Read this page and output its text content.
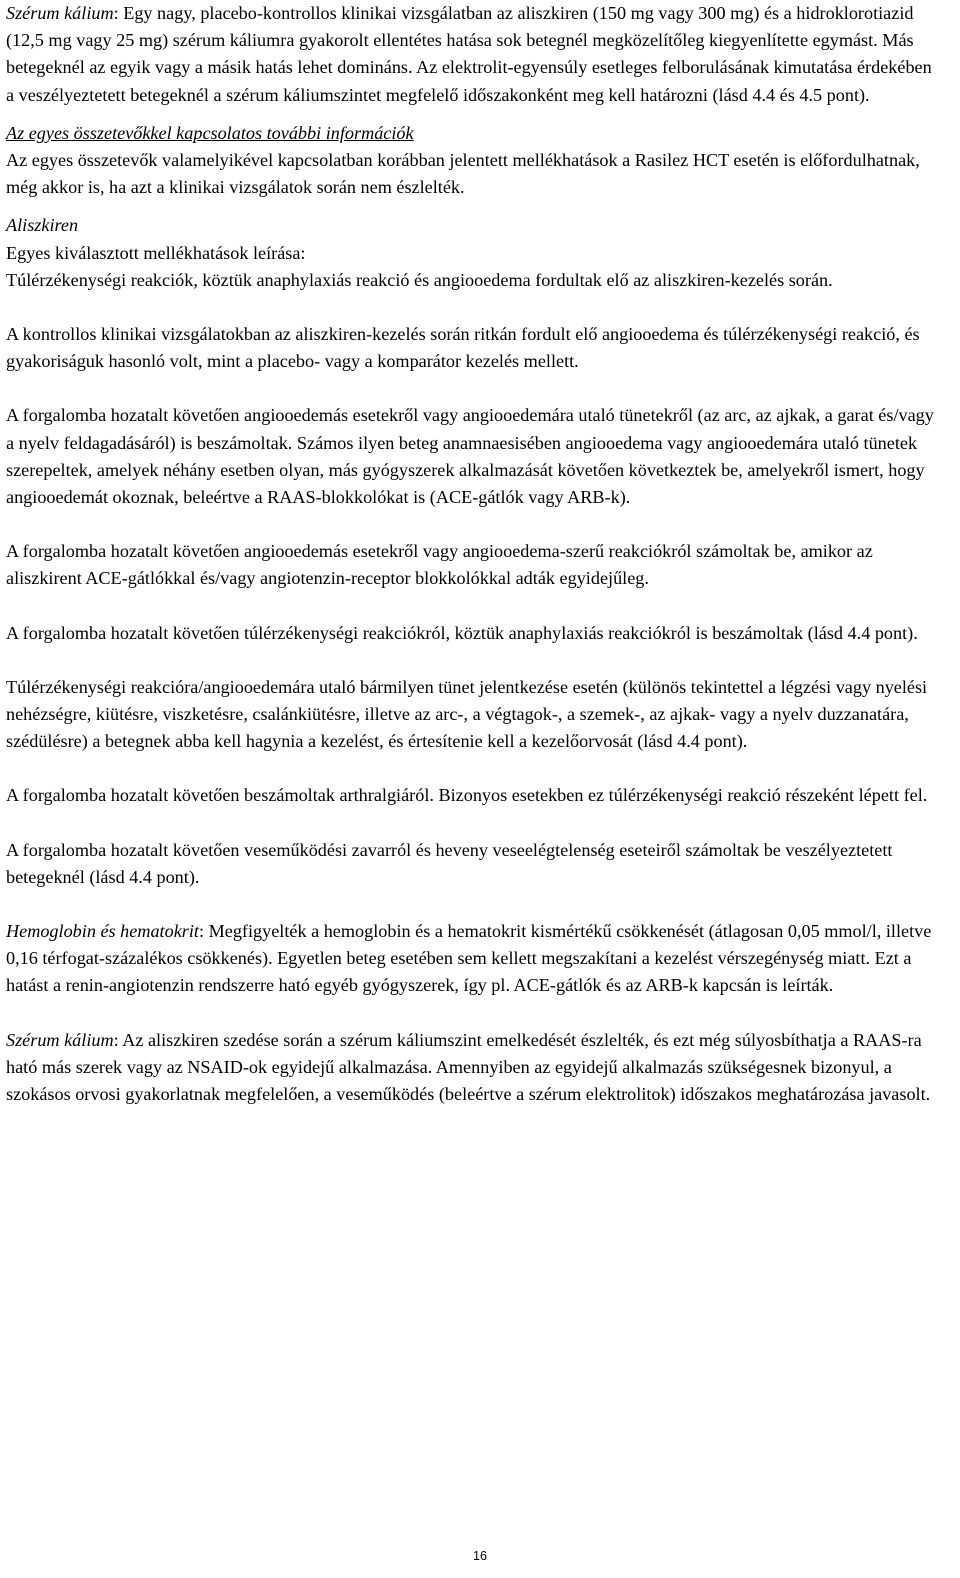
Szérum kálium: Egy nagy, placebo-kontrollos klinikai vizsgálatban az aliszkiren (150 mg vagy 300 mg) és a hidroklorotiazid (12,5 mg vagy 25 mg) szérum káliumra gyakorolt ellentétes hatása sok betegnél megközelítőleg kiegyenlítette egymást. Más betegeknél az egyik vagy a másik hatás lehet domináns. Az elektrolit-egyensúly esetleges felborulásának kimutatása érdekében a veszélyeztetett betegeknél a szérum káliumszintet megfelelő időszakonként meg kell határozni (lásd 4.4 és 4.5 pont).

Az egyes összetevőkkel kapcsolatos további információk

Az egyes összetevők valamelyikével kapcsolatban korábban jelentett mellékhatások a Rasilez HCT esetén is előfordulhatnak, még akkor is, ha azt a klinikai vizsgálatok során nem észlelték.

Aliszkiren

Egyes kiválasztott mellékhatások leírása:

Túlérzékenységi reakciók, köztük anaphylaxiás reakció és angiooedema fordultak elő az aliszkiren-kezelés során.

A kontrollos klinikai vizsgálatokban az aliszkiren-kezelés során ritkán fordult elő angiooedema és túlérzékenységi reakció, és gyakoriságuk hasonló volt, mint a placebo- vagy a komparátor kezelés mellett.

A forgalomba hozatalt követően angiooedemás esetekről vagy angiooedemára utaló tünetekről (az arc, az ajkak, a garat és/vagy a nyelv feldagadásáról) is beszámoltak. Számos ilyen beteg anamnaesisében angiooedema vagy angiooedemára utaló tünetek szerepeltek, amelyek néhány esetben olyan, más gyógyszerek alkalmazását követően következtek be, amelyekről ismert, hogy angiooedemát okoznak, beleértve a RAAS-blokkolókat is (ACE-gátlók vagy ARB-k).

A forgalomba hozatalt követően angiooedemás esetekről vagy angiooedema-szerű reakciókról számoltak be, amikor az aliszkirent ACE-gátlókkal és/vagy angiotenzin-receptor blokkolókkal adták egyidejűleg.

A forgalomba hozatalt követően túlérzékenységi reakciókról, köztük anaphylaxiás reakciókról is beszámoltak (lásd 4.4 pont).

Túlérzékenységi reakcióra/angiooedemára utaló bármilyen tünet jelentkezése esetén (különös tekintettel a légzési vagy nyelési nehézségre, kiütésre, viszketésre, csalánkiütésre, illetve az arc-, a végtagok-, a szemek-, az ajkak- vagy a nyelv duzzanatára, szédülésre) a betegnek abba kell hagynia a kezelést, és értesítenie kell a kezelőorvosát (lásd 4.4 pont).

A forgalomba hozatalt követően beszámoltak arthralgiáról. Bizonyos esetekben ez túlérzékenységi reakció részeként lépett fel.

A forgalomba hozatalt követően veseműködési zavarról és heveny veseelégtelenség eseteiről számoltak be veszélyeztetett betegeknél (lásd 4.4 pont).

Hemoglobin és hematokrit: Megfigyelték a hemoglobin és a hematokrit kismértékű csökkenését (átlagosan 0,05 mmol/l, illetve 0,16 térfogat-százalékos csökkenés). Egyetlen beteg esetében sem kellett megszakítani a kezelést vérszegénység miatt. Ezt a hatást a renin-angiotenzin rendszerre ható egyéb gyógyszerek, így pl. ACE-gátlók és az ARB-k kapcsán is leírták.

Szérum kálium: Az aliszkiren szedése során a szérum káliumszint emelkedését észlelték, és ezt még súlyosbíthatja a RAAS-ra ható más szerek vagy az NSAID-ok egyidejű alkalmazása. Amennyiben az egyidejű alkalmazás szükségesnek bizonyul, a szokásos orvosi gyakorlatnak megfelelően, a veseműködés (beleértve a szérum elektrolitok) időszakos meghatározása javasolt.

16
